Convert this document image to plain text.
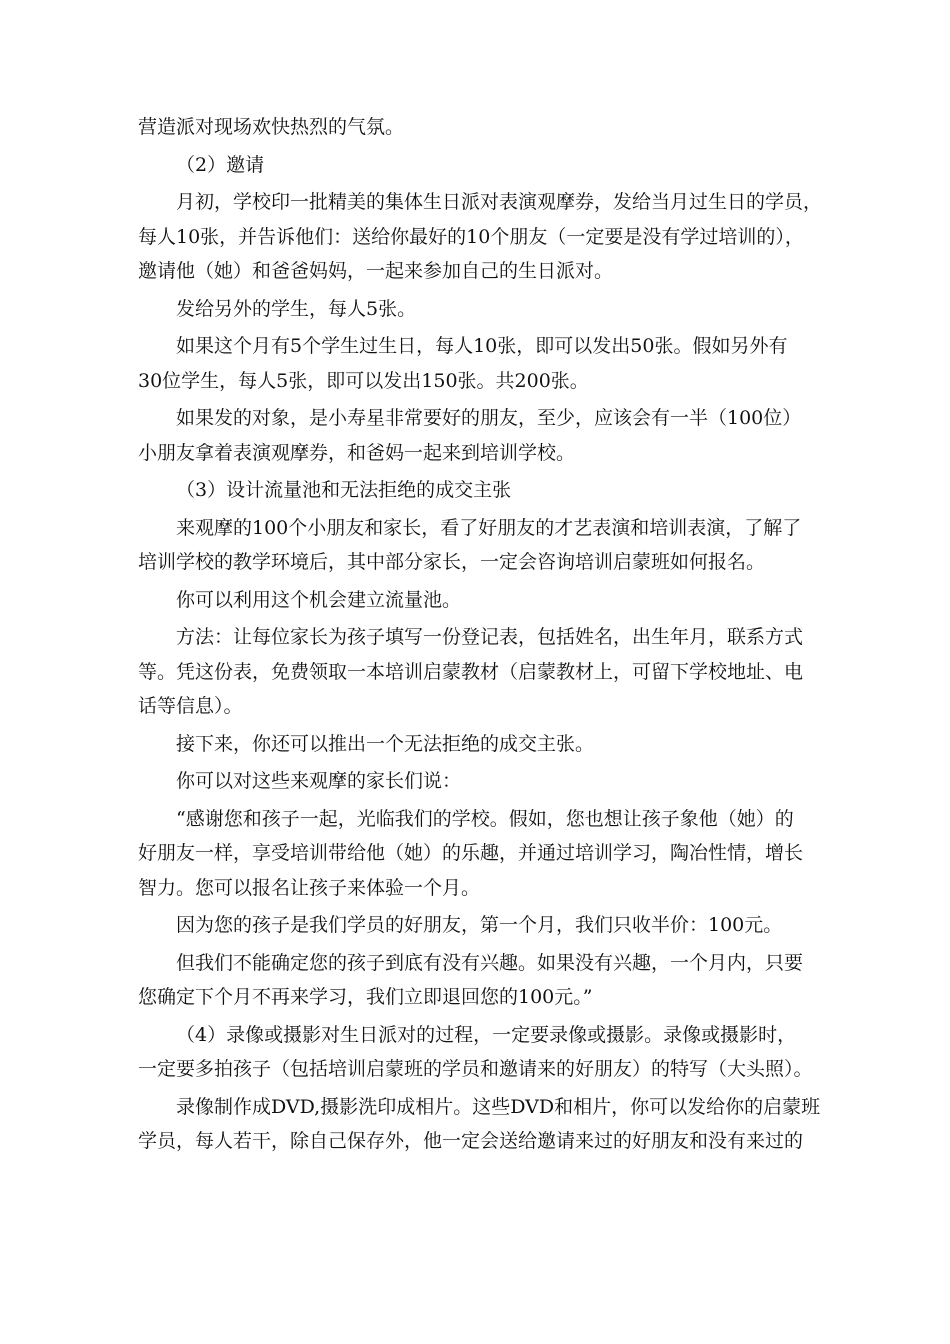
营造派对现场欢快热烈的气氛。
（2）邀请
月初，学校印一批精美的集体生日派对表演观摩券，发给当月过生日的学员，
每人10张，并告诉他们：送给你最好的10个朋友（一定要是没有学过培训的），
邀请他（她）和爸爸妈妈，一起来参加自己的生日派对。
发给另外的学生，每人5张。
如果这个月有5个学生过生日，每人10张，即可以发出50张。假如另外有
30位学生，每人5张，即可以发出150张。共200张。
如果发的对象，是小寿星非常要好的朋友，至少，应该会有一半（100位）
小朋友拿着表演观摩券，和爸妈一起来到培训学校。
（3）设计流量池和无法拒绝的成交主张
来观摩的100个小朋友和家长，看了好朋友的才艺表演和培训表演，了解了
培训学校的教学环境后，其中部分家长，一定会咨询培训启蒙班如何报名。
你可以利用这个机会建立流量池。
方法：让每位家长为孩子填写一份登记表，包括姓名，出生年月，联系方式
等。凭这份表，免费领取一本培训启蒙教材（启蒙教材上，可留下学校地址、电
话等信息）。
接下来，你还可以推出一个无法拒绝的成交主张。
你可以对这些来观摩的家长们说：
“感谢您和孩子一起，光临我们的学校。假如，您也想让孩子象他（她）的
好朋友一样，享受培训带给他（她）的乐趣，并通过培训学习，陶冶性情，增长
智力。您可以报名让孩子来体验一个月。
因为您的孩子是我们学员的好朋友，第一个月，我们只收半价：100元。
但我们不能确定您的孩子到底有没有兴趣。如果没有兴趣，一个月内，只要
您确定下个月不再来学习，我们立即退回您的100元。”
（4）录像或摄影对生日派对的过程，一定要录像或摄影。录像或摄影时，
一定要多拍孩子（包括培训启蒙班的学员和邀请来的好朋友）的特写（大头照）。
录像制作成DVD,摄影洗印成相片。这些DVD和相片，你可以发给你的启蒙班
学员，每人若干，除自己保存外，他一定会送给邀请来过的好朋友和没有来过的
